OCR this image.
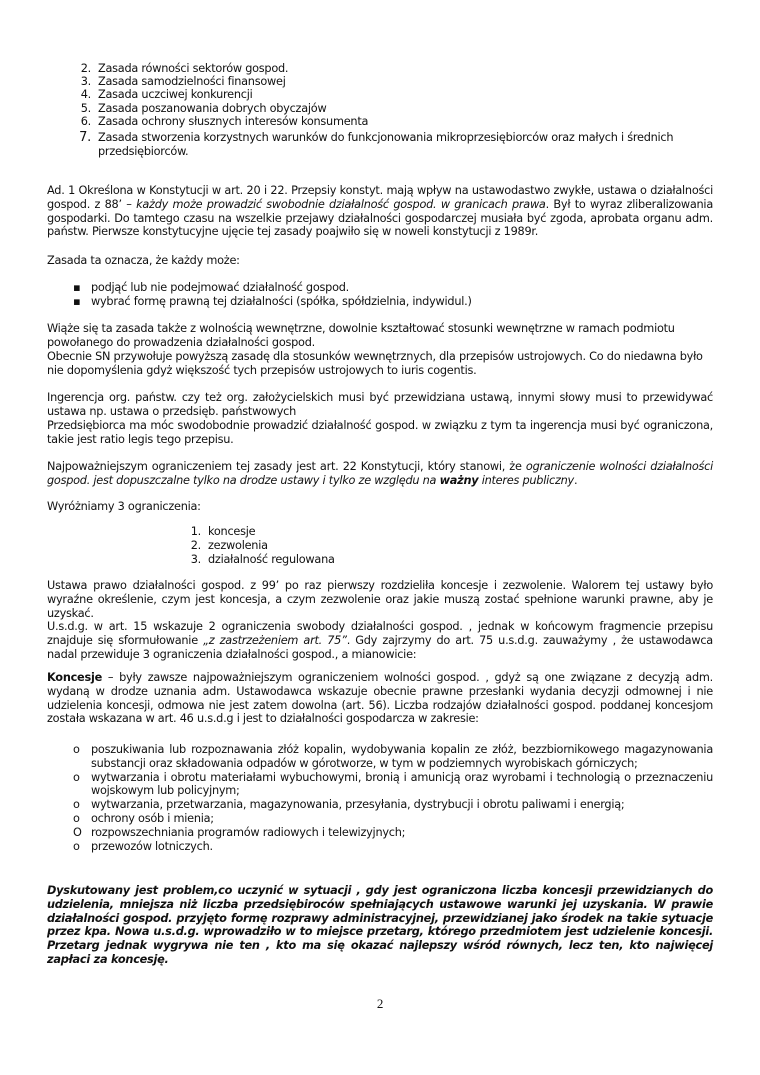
2. Zasada równości sektorów gospod.
3. Zasada samodzielności finansowej
4. Zasada uczciwej konkurencji
5. Zasada poszanowania dobrych obyczajów
6. Zasada ochrony słusznych interesów konsumenta
7. Zasada stworzenia korzystnych warunków do funkcjonowania mikroprzesiębiorców oraz małych i średnich przedsiębiorców.
Ad. 1 Określona w Konstytucji w art. 20 i 22. Przepsiy konstyt. mają wpływ na ustawodastwo zwykłe, ustawa o działalności gospod. z 88’ – każdy może prowadzić swobodnie działalność gospod. w granicach prawa. Był to wyraz zliberalizowania gospodarki. Do tamtego czasu na wszelkie przejawy działalności gospodarczej musiała być zgoda, aprobata organu adm. państw. Pierwsze konstytucyjne ujęcie tej zasady poajwiło się w noweli konstytucji z 1989r.
Zasada ta oznacza, że każdy może:
▪ podjąć lub nie podejmować działalność gospod.
▪ wybrać formę prawną tej działalności (spółka, spółdzielnia, indywidul.)
Wiąże się ta zasada także z wolnością wewnętrzne, dowolnie kształtować stosunki wewnętrzne w ramach podmiotu powołanego do prowadzenia działalności gospod.
Obecnie SN przywołuje powyższą zasadę dla stosunków wewnętrznych, dla przepisów ustrojowych. Co do niedawna było nie dopomyślenia gdyż większość tych przepisów ustrojowych to iuris cogentis.
Ingerencja org. państw. czy też org. założycielskich musi być przewidziana ustawą, innymi słowy musi to przewidywać ustawa np. ustawa o przedsięb. państwowych
Przedsiębiorca ma móc swodobodnie prowadzić działalność gospod. w związku z tym ta ingerencja musi być ograniczona, takie jest ratio legis tego przepisu.
Najpoważniejszym ograniczeniem tej zasady jest art. 22 Konstytucji, który stanowi, że ograniczenie wolności działalności gospod. jest dopuszczalne tylko na drodze ustawy i tylko ze względu na ważny interes publiczny.
Wyróżniamy 3 ograniczenia:
1. koncesje
2. zezwolenia
3. działalność regulowana
Ustawa prawo działalności gospod. z 99’ po raz pierwszy rozdzieliła koncesje i zezwolenie. Walorem tej ustawy było wyraźne określenie, czym jest koncesja, a czym zezwolenie oraz jakie muszą zostać spełnione warunki prawne, aby je uzyskać.
U.s.d.g. w art. 15 wskazuje 2 ograniczenia swobody działalności gospod. , jednak w końcowym fragmencie przepisu znajduje się sformułowanie „z zastrzeżeniem art. 75”. Gdy zajrzymy do art. 75 u.s.d.g. zauważymy , że ustawodawca nadal przewiduje 3 ograniczenia działalności gospod., a mianowicie:
Koncesje – były zawsze najpoważniejszym ograniczeniem wolności gospod. , gdyż są one związane z decyzją adm. wydaną w drodze uznania adm. Ustawodawca wskazuje obecnie prawne przesłanki wydania decyzji odmownej i nie udzielenia koncesji, odmowa nie jest zatem dowolna (art. 56). Liczba rodzajów działalności gospod. poddanej koncesjom została wskazana w art. 46 u.s.d.g i jest to działalności gospodarcza w zakresie:
o	poszukiwania lub rozpoznawania złóż kopalin, wydobywania kopalin ze złóż, bezzbiornikowego magazynowania substancji oraz składowania odpadów w górotworze, w tym w podziemnych wyrobiskach górniczych;
o	wytwarzania i obrotu materiałami wybuchowymi, bronią i amunicją oraz wyrobami i technologią o przeznaczeniu wojskowym lub policyjnym;
o	wytwarzania, przetwarzania, magazynowania, przesyłania, dystrybucji i obrotu paliwami i energią;
o	ochrony osób i mienia;
O rozpowszechniania programów radiowych i telewizyjnych;
o	przewozów lotniczych.
Dyskutowany jest problem,co uczynić w sytuacji , gdy jest ograniczona liczba koncesji przewidzianych do udzielenia, mniejsza niż liczba przedsiębiroców spełniających ustawowe warunki jej uzyskania. W prawie działalności gospod. przyjęto formę rozprawy administracyjnej, przewidzianej jako środek na takie sytuacje przez kpa. Nowa u.s.d.g. wprowadziło w to miejsce przetarg, którego przedmiotem jest udzielenie koncesji. Przetarg jednak wygrywa nie ten , kto ma się okazać najlepszy wśród równych, lecz ten, kto najwięcej zapłaci za koncesję.
2
